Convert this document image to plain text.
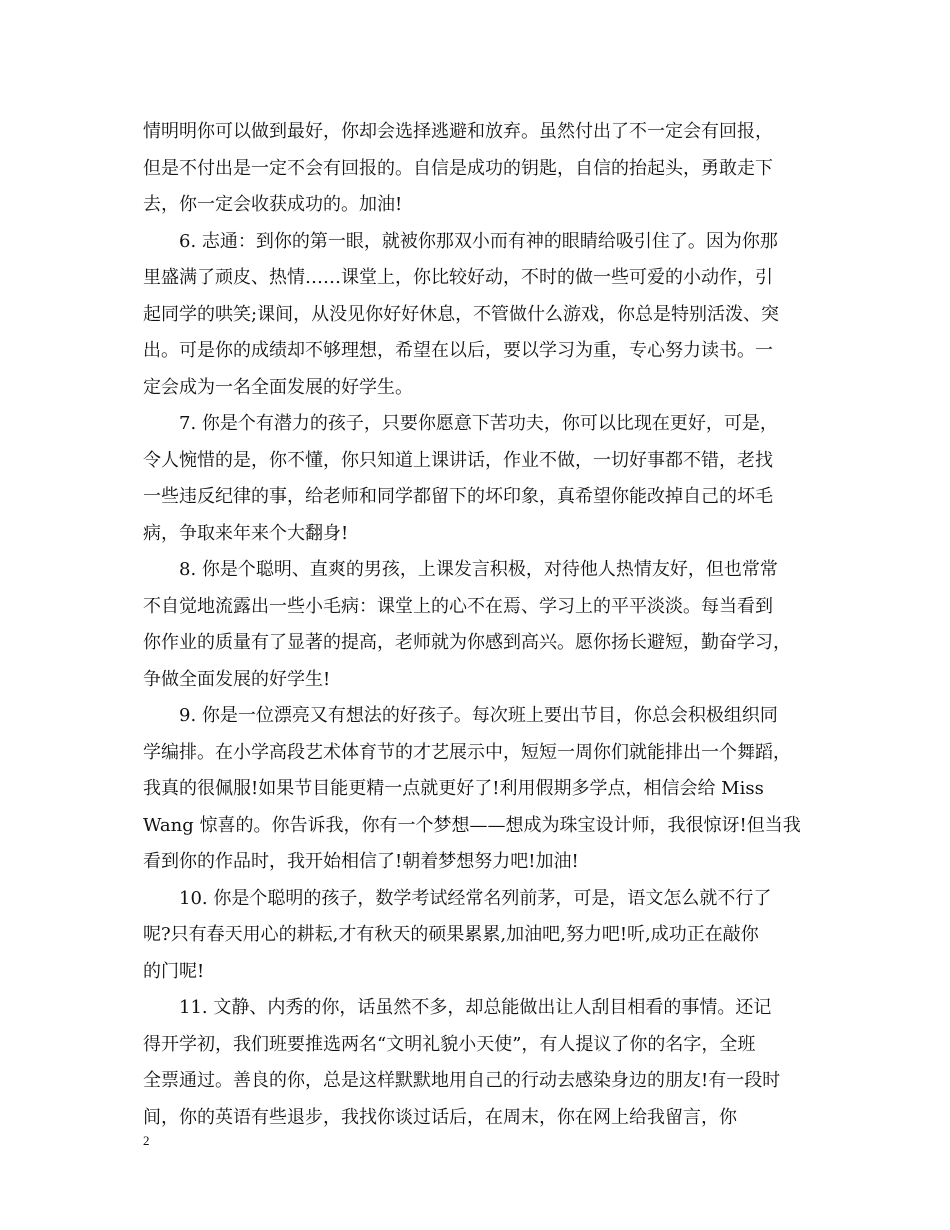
情明明你可以做到最好，你却会选择逃避和放弃。虽然付出了不一定会有回报，
但是不付出是一定不会有回报的。自信是成功的钥匙，自信的抬起头，勇敢走下
去，你一定会收获成功的。加油!
6. 志通：到你的第一眼，就被你那双小而有神的眼睛给吸引住了。因为你那
里盛满了顽皮、热情……课堂上，你比较好动，不时的做一些可爱的小动作，引
起同学的哄笑;课间，从没见你好好休息，不管做什么游戏，你总是特别活泼、突
出。可是你的成绩却不够理想，希望在以后，要以学习为重，专心努力读书。一
定会成为一名全面发展的好学生。
7. 你是个有潜力的孩子，只要你愿意下苦功夫，你可以比现在更好，可是，
令人惋惜的是，你不懂，你只知道上课讲话，作业不做，一切好事都不错，老找
一些违反纪律的事，给老师和同学都留下的坏印象，真希望你能改掉自己的坏毛
病，争取来年来个大翻身!
8. 你是个聪明、直爽的男孩，上课发言积极，对待他人热情友好，但也常常
不自觉地流露出一些小毛病：课堂上的心不在焉、学习上的平平淡淡。每当看到
你作业的质量有了显著的提高，老师就为你感到高兴。愿你扬长避短，勤奋学习，
争做全面发展的好学生!
9. 你是一位漂亮又有想法的好孩子。每次班上要出节目，你总会积极组织同
学编排。在小学高段艺术体育节的才艺展示中，短短一周你们就能排出一个舞蹈，
我真的很佩服!如果节目能更精一点就更好了!利用假期多学点，相信会给 Miss
Wang 惊喜的。你告诉我，你有一个梦想——想成为珠宝设计师，我很惊讶!但当我
看到你的作品时，我开始相信了!朝着梦想努力吧!加油!
10. 你是个聪明的孩子，数学考试经常名列前茅，可是，语文怎么就不行了
呢?只有春天用心的耕耘,才有秋天的硕果累累,加油吧,努力吧!听,成功正在敲你
的门呢!
11. 文静、内秀的你，话虽然不多，却总能做出让人刮目相看的事情。还记
得开学初，我们班要推选两名“文明礼貌小天使”，有人提议了你的名字，全班
全票通过。善良的你，总是这样默默地用自己的行动去感染身边的朋友!有一段时
间，你的英语有些退步，我找你谈过话后，在周末，你在网上给我留言，你
2
